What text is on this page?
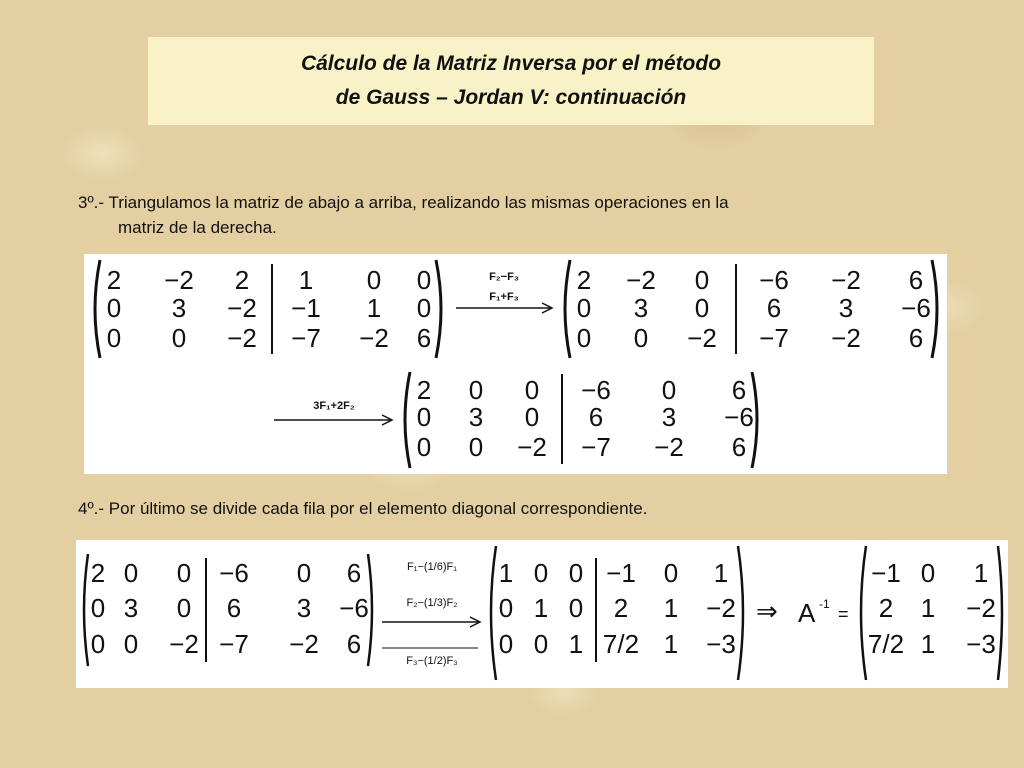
Cálculo de la Matriz Inversa por el método
de Gauss – Jordan V: continuación
3º.- Triangulamos la matriz de abajo a arriba, realizando las mismas operaciones en la

matriz de la derecha.
2 −2 2 1 0 0
0 3 −2 −1 1 0
0 0 −2 −7 −2 6
F₂−F₃
F₁+F₃
2 −2 0 −6 −2 6
0 3 0 6 3 −6
0 0 −2 −7 −2 6
3F₁+2F₂
2 0 0 −6 0 6
0 3 0 6 3 −6
0 0 −2 −7 −2 6
4º.- Por último se divide cada fila por el elemento diagonal correspondiente.
2 0 0 −6 0 6
0 3 0 6 3 −6
0 0 −2 −7 −2 6
F₁−(1/6)F₁
F₂−(1/3)F₂
F₃−(1/2)F₃
1 0 0 −1 0 1
0 1 0 2 1 −2
0 0 1 7/2 1 −3
⇒ A -1 =
−1 0 1
2 1 −2
7/2 1 −3
